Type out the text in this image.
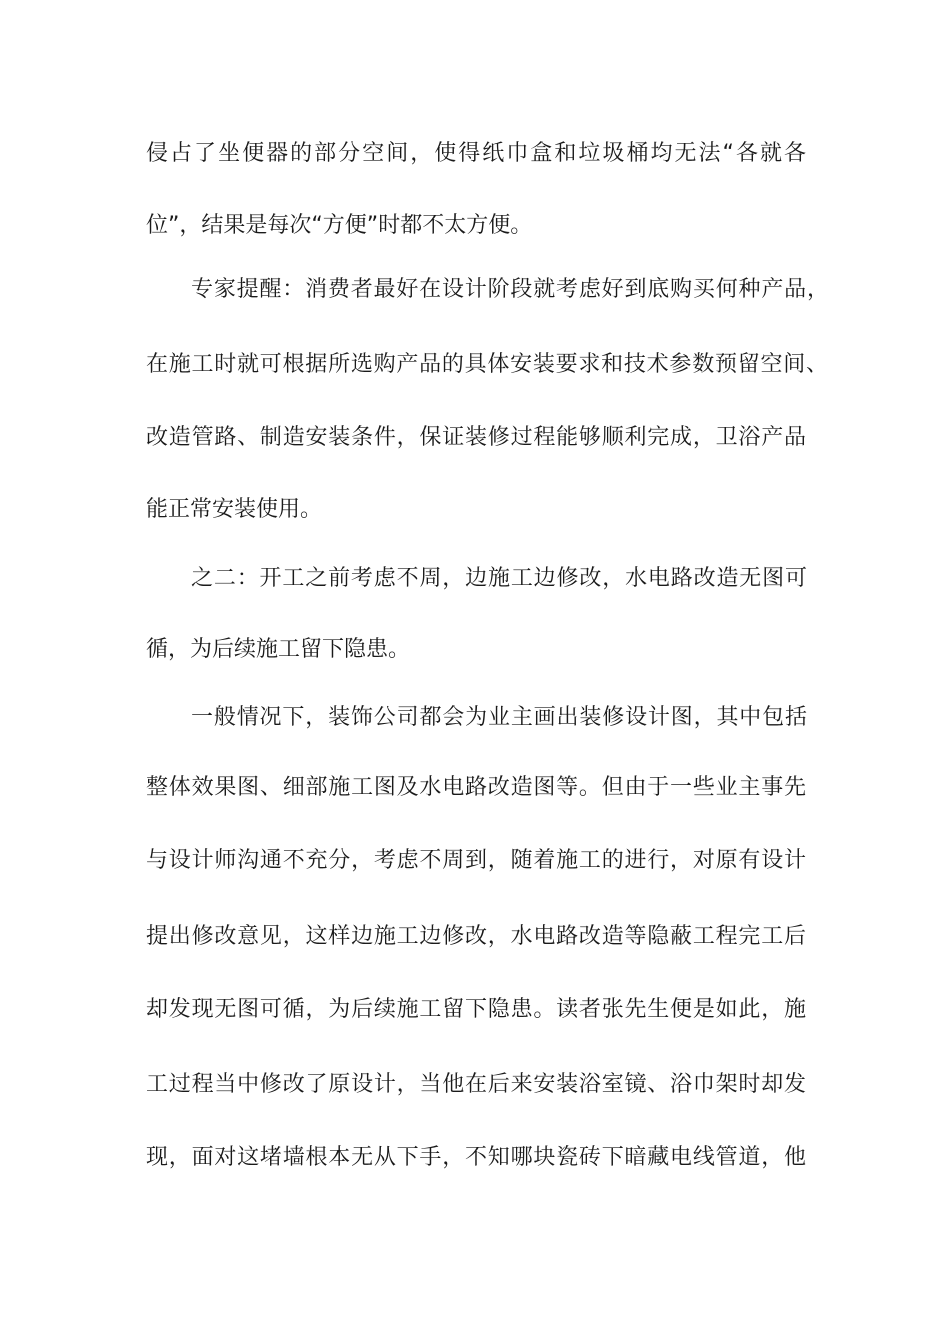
侵占了坐便器的部分空间，使得纸巾盒和垃圾桶均无法“各就各
位”，结果是每次“方便”时都不太方便。
专家提醒：消费者最好在设计阶段就考虑好到底购买何种产品，
在施工时就可根据所选购产品的具体安装要求和技术参数预留空间、
改造管路、制造安装条件，保证装修过程能够顺利完成，卫浴产品
能正常安装使用。
之二：开工之前考虑不周，边施工边修改，水电路改造无图可
循，为后续施工留下隐患。
一般情况下，装饰公司都会为业主画出装修设计图，其中包括
整体效果图、细部施工图及水电路改造图等。但由于一些业主事先
与设计师沟通不充分，考虑不周到，随着施工的进行，对原有设计
提出修改意见，这样边施工边修改，水电路改造等隐蔽工程完工后
却发现无图可循，为后续施工留下隐患。读者张先生便是如此，施
工过程当中修改了原设计，当他在后来安装浴室镜、浴巾架时却发
现，面对这堵墙根本无从下手，不知哪块瓷砖下暗藏电线管道，他
